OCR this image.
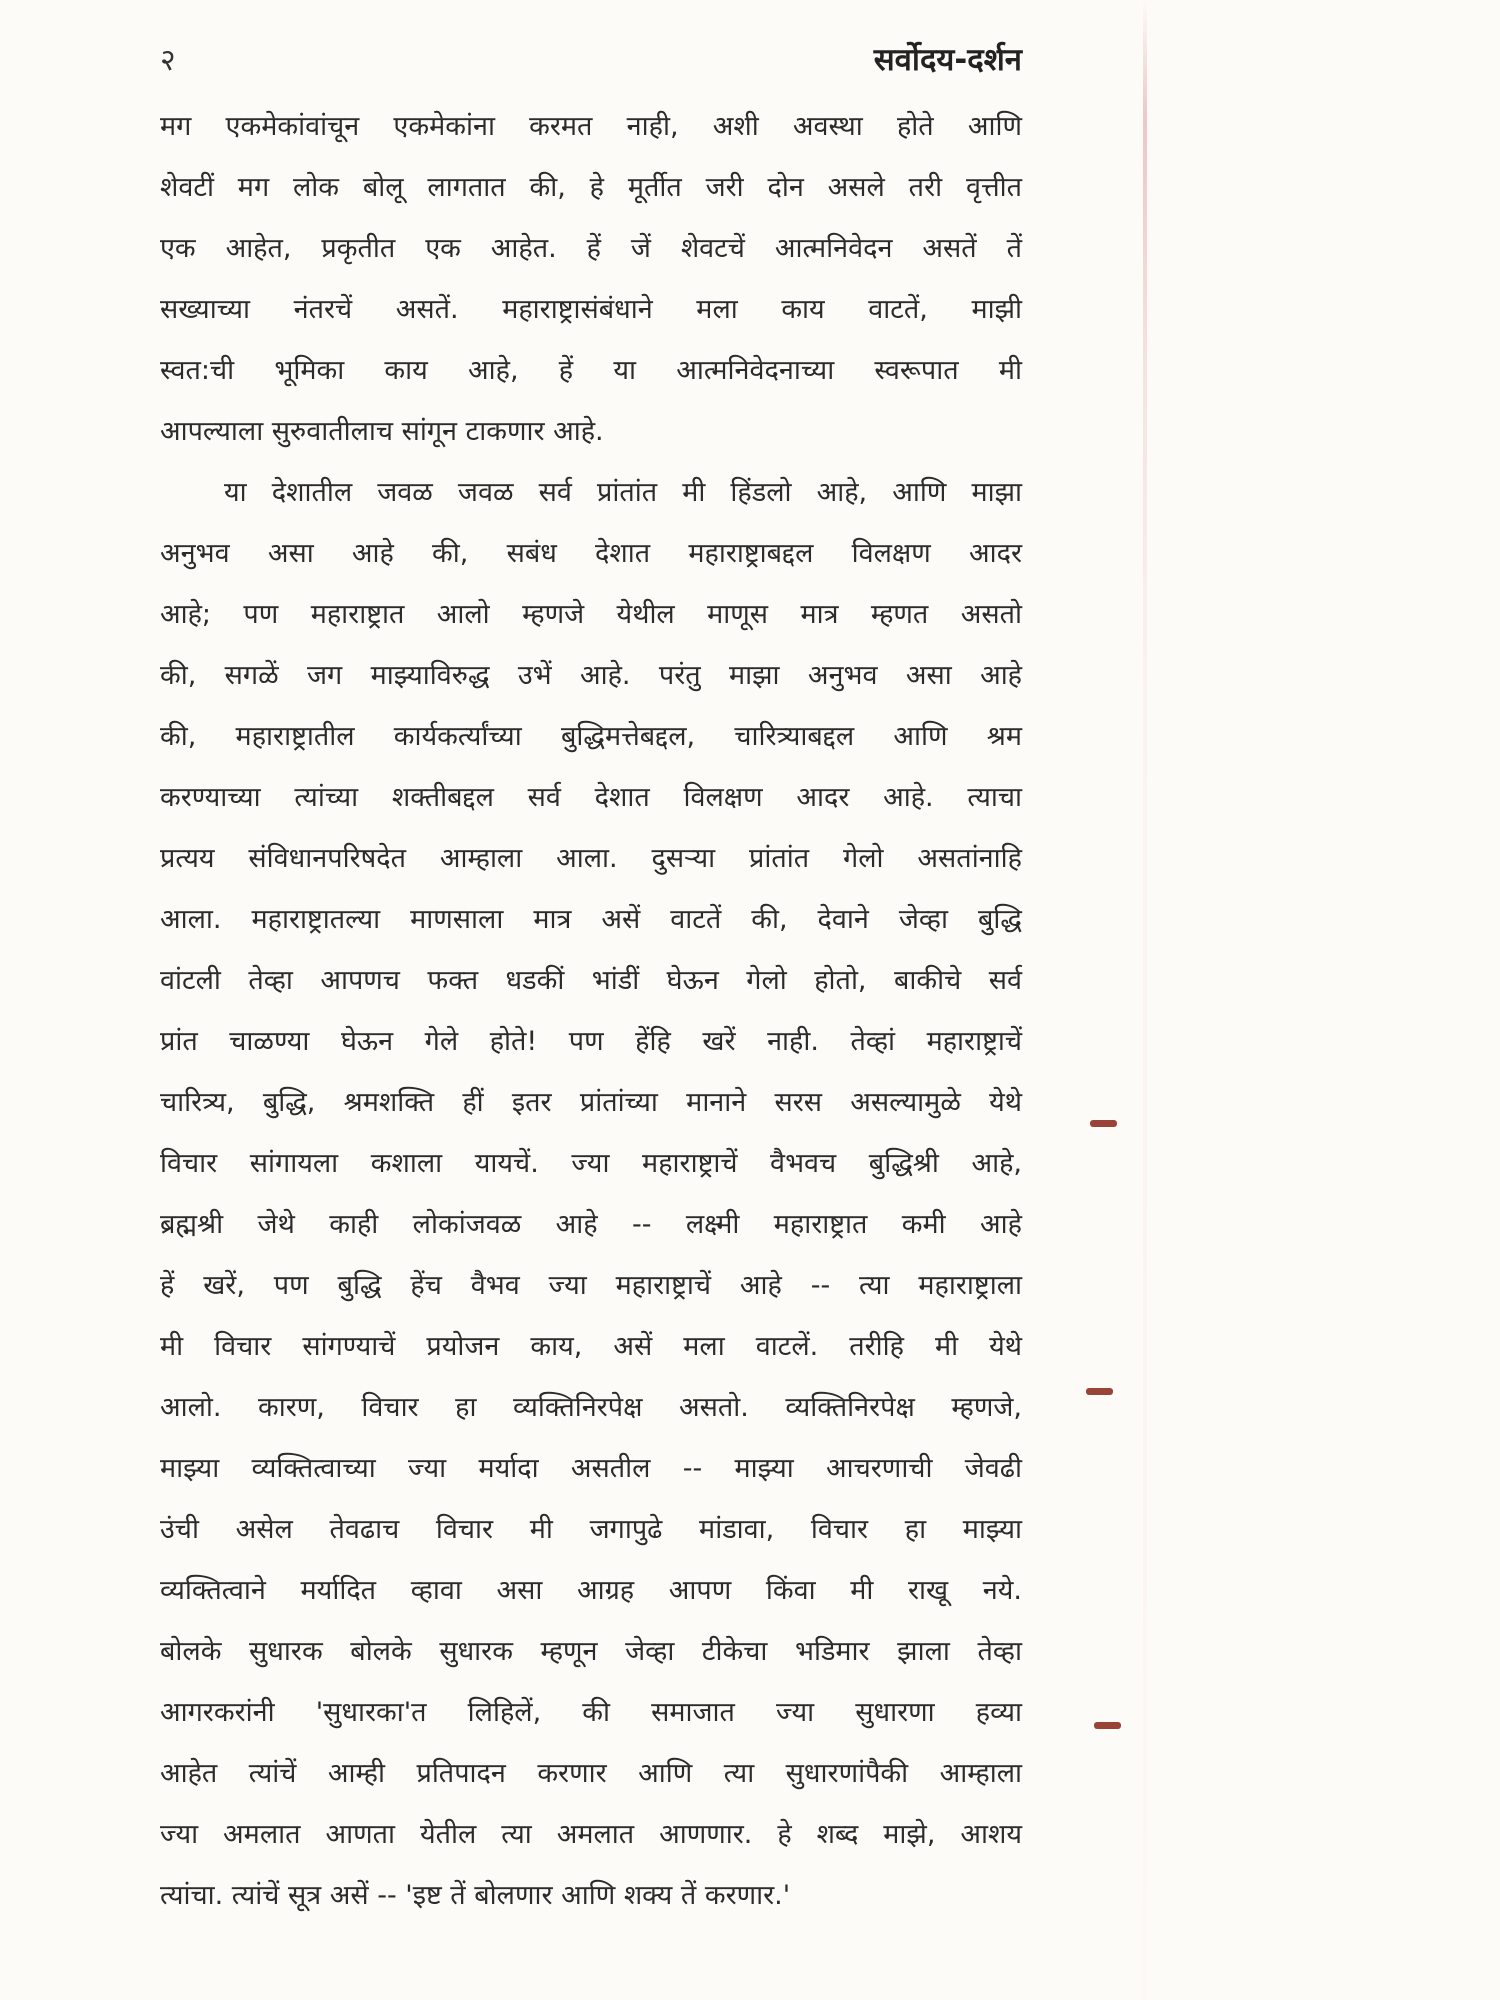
२	सर्वोदय-दर्शन
मग एकमेकांवांचून एकमेकांना करमत नाही, अशी अवस्था होते आणि
शेवटीं मग लोक बोलू लागतात की, हे मूर्तीत जरी दोन असले तरी वृत्तीत
एक आहेत, प्रकृतीत एक आहेत. हें जें शेवटचें आत्मनिवेदन असतें तें
सख्याच्या नंतरचें असतें. महाराष्ट्रासंबंधाने मला काय वाटतें, माझी
स्वत:ची भूमिका काय आहे, हें या आत्मनिवेदनाच्या स्वरूपात मी
आपल्याला सुरुवातीलाच सांगून टाकणार आहे.
या देशातील जवळ जवळ सर्व प्रांतांत मी हिंडलो आहे, आणि माझा
अनुभव असा आहे की, सबंध देशात महाराष्ट्राबद्दल विलक्षण आदर
आहे; पण महाराष्ट्रात आलो म्हणजे येथील माणूस मात्र म्हणत असतो
की, सगळें जग माझ्याविरुद्ध उभें आहे. परंतु माझा अनुभव असा आहे
की, महाराष्ट्रातील कार्यकर्त्यांच्या बुद्धिमत्तेबद्दल, चारित्र्याबद्दल आणि श्रम
करण्याच्या त्यांच्या शक्तीबद्दल सर्व देशात विलक्षण आदर आहे. त्याचा
प्रत्यय संविधानपरिषदेत आम्हाला आला. दुसऱ्या प्रांतांत गेलो असतांनाहि
आला. महाराष्ट्रातल्या माणसाला मात्र असें वाटतें की, देवाने जेव्हा बुद्धि
वांटली तेव्हा आपणच फक्त धडकीं भांडीं घेऊन गेलो होतो, बाकीचे सर्व
प्रांत चाळण्या घेऊन गेले होते! पण हेंहि खरें नाही. तेव्हां महाराष्ट्राचें
चारित्र्य, बुद्धि, श्रमशक्ति हीं इतर प्रांतांच्या मानाने सरस असल्यामुळे येथे
विचार सांगायला कशाला यायचें. ज्या महाराष्ट्राचें वैभवच बुद्धिश्री आहे,
ब्रह्मश्री जेथे काही लोकांजवळ आहे -- लक्ष्मी महाराष्ट्रात कमी आहे
हें खरें, पण बुद्धि हेंच वैभव ज्या महाराष्ट्राचें आहे -- त्या महाराष्ट्राला
मी विचार सांगण्याचें प्रयोजन काय, असें मला वाटलें. तरीहि मी येथे
आलो. कारण, विचार हा व्यक्तिनिरपेक्ष असतो. व्यक्तिनिरपेक्ष म्हणजे,
माझ्या व्यक्तित्वाच्या ज्या मर्यादा असतील -- माझ्या आचरणाची जेवढी
उंची असेल तेवढाच विचार मी जगापुढे मांडावा, विचार हा माझ्या
व्यक्तित्वाने मर्यादित व्हावा असा आग्रह आपण किंवा मी राखू नये.
बोलके सुधारक बोलके सुधारक म्हणून जेव्हा टीकेचा भडिमार झाला तेव्हा
आगरकरांनी 'सुधारका'त लिहिलें, की समाजात ज्या सुधारणा हव्या
आहेत त्यांचें आम्ही प्रतिपादन करणार आणि त्या सुधारणांपैकी आम्हाला
ज्या अमलात आणता येतील त्या अमलात आणणार. हे शब्द माझे, आशय
त्यांचा. त्यांचें सूत्र असें -- 'इष्ट तें बोलणार आणि शक्य तें करणार.'
